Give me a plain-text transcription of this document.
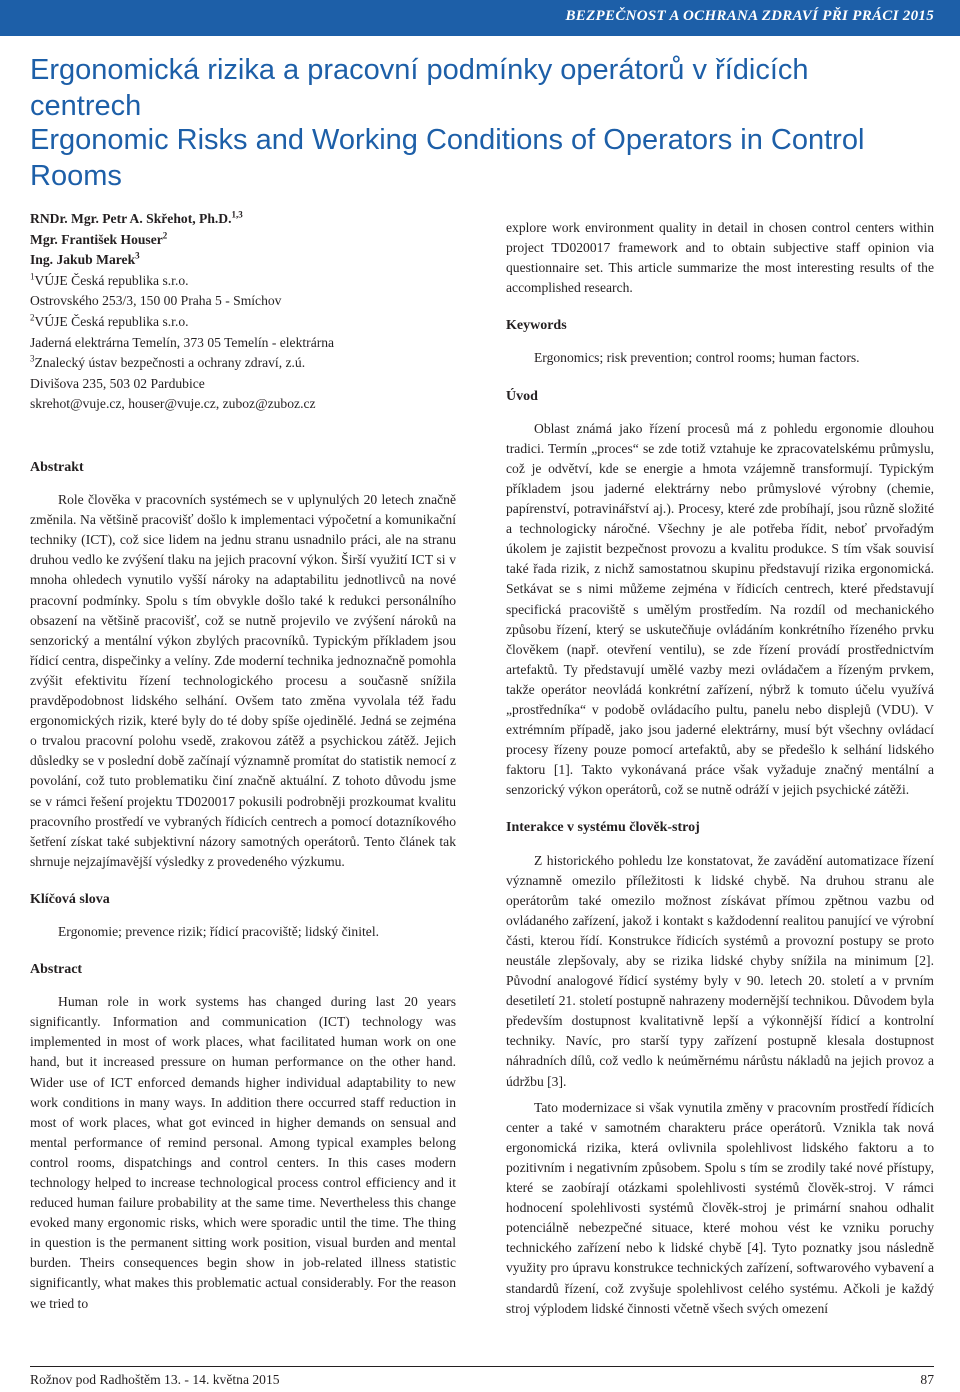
BEZPEČNOST A OCHRANA ZDRAVÍ PŘI PRÁCI 2015
Ergonomická rizika a pracovní podmínky operátorů v řídicích centrech
Ergonomic Risks and Working Conditions of Operators in Control Rooms
RNDr. Mgr. Petr A. Skřehot, Ph.D.$^{1,3}$
Mgr. František Houser$^2$
Ing. Jakub Marek$^3$
$^1$VÚJE Česká republika s.r.o.
Ostrovského 253/3, 150 00 Praha 5 - Smíchov
$^2$VÚJE Česká republika s.r.o.
Jaderná elektrárna Temelín, 373 05 Temelín - elektrárna
$^3$Znalecký ústav bezpečnosti a ochrany zdraví, z.ú.
Divišova 235, 503 02 Pardubice
skrehot@vuje.cz, houser@vuje.cz, zuboz@zuboz.cz

Abstrakt

Role člověka v pracovních systémech se v uplynulých 20 letech značně změnila. Na většině pracovišť došlo k implementaci výpočetní a komunikační techniky (ICT), což sice lidem na jednu stranu usnadnilo práci, ale na stranu druhou vedlo ke zvýšení tlaku na jejich pracovní výkon. Širší využití ICT si v mnoha ohledech vynutilo vyšší nároky na adaptabilitu jednotlivců na nové pracovní podmínky. Spolu s tím obvykle došlo také k redukci personálního obsazení na většině pracovišť, což se nutně projevilo ve zvýšení nároků na senzorický a mentální výkon zbylých pracovníků. Typickým příkladem jsou řídicí centra, dispečinky a velíny. Zde moderní technika jednoznačně pomohla zvýšit efektivitu řízení technologického procesu a současně snížila pravděpodobnost lidského selhání. Ovšem tato změna vyvolala též řadu ergonomických rizik, které byly do té doby spíše ojedinělé. Jedná se zejména o trvalou pracovní polohu vsedě, zrakovou zátěž a psychickou zátěž. Jejich důsledky se v poslední době začínají významně promítat do statistik nemocí z povolání, což tuto problematiku činí značně aktuální. Z tohoto důvodu jsme se v rámci řešení projektu TD020017 pokusili podrobněji prozkoumat kvalitu pracovního prostředí ve vybraných řídicích centrech a pomocí dotazníkového šetření získat také subjektivní názory samotných operátorů. Tento článek tak shrnuje nejzajímavější výsledky z provedeného výzkumu.

Klíčová slova

Ergonomie; prevence rizik; řídicí pracoviště; lidský činitel.

Abstract

Human role in work systems has changed during last 20 years significantly. Information and communication (ICT) technology was implemented in most of work places, what facilitated human work on one hand, but it increased pressure on human performance on the other hand. Wider use of ICT enforced demands higher individual adaptability to new work conditions in many ways. In addition there occurred staff reduction in most of work places, what got evinced in higher demands on sensual and mental performance of remind personal. Among typical examples belong control rooms, dispatchings and control centers. In this cases modern technology helped to increase technological process control efficiency and it reduced human failure probability at the same time. Nevertheless this change evoked many ergonomic risks, which were sporadic until the time. The thing in question is the permanent sitting work position, visual burden and mental burden. Theirs consequences begin show in job-related illness statistic significantly, what makes this problematic actual considerably. For the reason we tried to

explore work environment quality in detail in chosen control centers within project TD020017 framework and to obtain subjective staff opinion via questionnaire set. This article summarize the most interesting results of the accomplished research.

Keywords

Ergonomics; risk prevention; control rooms; human factors.

Úvod

Oblast známá jako řízení procesů má z pohledu ergonomie dlouhou tradici. Termín „proces“ se zde totiž vztahuje ke zpracovatelskému průmyslu, což je odvětví, kde se energie a hmota vzájemně transformují. Typickým příkladem jsou jaderné elektrárny nebo průmyslové výrobny (chemie, papírenství, potravinářství aj.). Procesy, které zde probíhají, jsou různě složité a technologicky náročné. Všechny je ale potřeba řídit, neboť prvořadým úkolem je zajistit bezpečnost provozu a kvalitu produkce. S tím však souvisí také řada rizik, z nichž samostatnou skupinu představují rizika ergonomická. Setkávat se s nimi můžeme zejména v řídicích centrech, které představují specifická pracoviště s umělým prostředím. Na rozdíl od mechanického způsobu řízení, který se uskutečňuje ovládáním konkrétního řízeného prvku člověkem (např. otevření ventilu), se zde řízení provádí prostřednictvím artefaktů. Ty představují umělé vazby mezi ovládačem a řízeným prvkem, takže operátor neovládá konkrétní zařízení, nýbrž k tomuto účelu využívá „prostředníka“ v podobě ovládacího pultu, panelu nebo displejů (VDU). V extrémním případě, jako jsou jaderné elektrárny, musí být všechny ovládací procesy řízeny pouze pomocí artefaktů, aby se předešlo k selhání lidského faktoru [1]. Takto vykonávaná práce však vyžaduje značný mentální a senzorický výkon operátorů, což se nutně odráží v jejich psychické zátěži.

Interakce v systému člověk-stroj

Z historického pohledu lze konstatovat, že zavádění automatizace řízení významně omezilo příležitosti k lidské chybě. Na druhou stranu ale operátorům také omezilo možnost získávat přímou zpětnou vazbu od ovládaného zařízení, jakož i kontakt s každodenní realitou panující ve výrobní části, kterou řídí. Konstrukce řídicích systémů a provozní postupy se proto neustále zlepšovaly, aby se rizika lidské chyby snížila na minimum [2]. Původní analogové řídicí systémy byly v 90. letech 20. století a v prvním desetiletí 21. století postupně nahrazeny modernější technikou. Důvodem byla především dostupnost kvalitativně lepší a výkonnější řídicí a kontrolní techniky. Navíc, pro starší typy zařízení postupně klesala dostupnost náhradních dílů, což vedlo k neúměrnému nárůstu nákladů na jejich provoz a údržbu [3].

Tato modernizace si však vynutila změny v pracovním prostředí řídicích center a také v samotném charakteru práce operátorů. Vznikla tak nová ergonomická rizika, která ovlivnila spolehlivost lidského faktoru a to pozitivním i negativním způsobem. Spolu s tím se zrodily také nové přístupy, které se zaobírají otázkami spolehlivosti systémů člověk-stroj. V rámci hodnocení spolehlivosti systémů člověk-stroj je primární snahou odhalit potenciálně nebezpečné situace, které mohou vést ke vzniku poruchy technického zařízení nebo k lidské chybě [4]. Tyto poznatky jsou následně využity pro úpravu konstrukce technických zařízení, softwarového vybavení a standardů řízení, což zvyšuje spolehlivost celého systému. Ačkoli je každý stroj výplodem lidské činnosti včetně všech svých omezení

Rožnov pod Radhoštěm 13. - 14. května 2015	87
